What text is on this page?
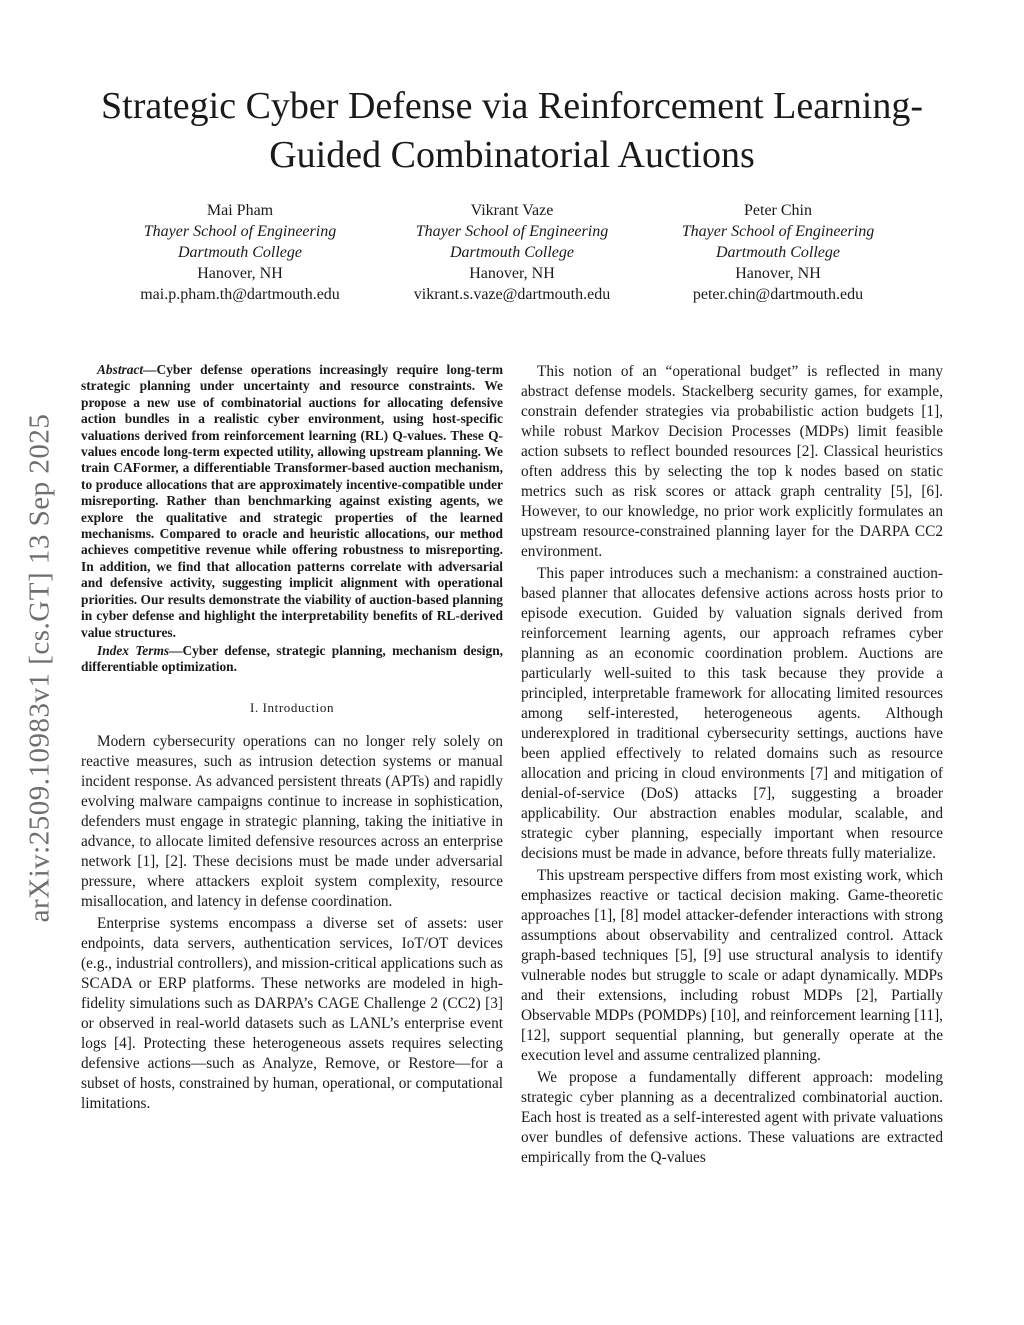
arXiv:2509.10983v1 [cs.GT] 13 Sep 2025
Strategic Cyber Defense via Reinforcement Learning-Guided Combinatorial Auctions
Mai Pham
Thayer School of Engineering
Dartmouth College
Hanover, NH
mai.p.pham.th@dartmouth.edu
Vikrant Vaze
Thayer School of Engineering
Dartmouth College
Hanover, NH
vikrant.s.vaze@dartmouth.edu
Peter Chin
Thayer School of Engineering
Dartmouth College
Hanover, NH
peter.chin@dartmouth.edu

Abstract—Cyber defense operations increasingly require long-term strategic planning under uncertainty and resource constraints. We propose a new use of combinatorial auctions for allocating defensive action bundles in a realistic cyber environment, using host-specific valuations derived from reinforcement learning (RL) Q-values. These Q-values encode long-term expected utility, allowing upstream planning. We train CAFormer, a differentiable Transformer-based auction mechanism, to produce allocations that are approximately incentive-compatible under misreporting. Rather than benchmarking against existing agents, we explore the qualitative and strategic properties of the learned mechanisms. Compared to oracle and heuristic allocations, our method achieves competitive revenue while offering robustness to misreporting. In addition, we find that allocation patterns correlate with adversarial and defensive activity, suggesting implicit alignment with operational priorities. Our results demonstrate the viability of auction-based planning in cyber defense and highlight the interpretability benefits of RL-derived value structures.

Index Terms—Cyber defense, strategic planning, mechanism design, differentiable optimization.

I. Introduction

Modern cybersecurity operations can no longer rely solely on reactive measures, such as intrusion detection systems or manual incident response. As advanced persistent threats (APTs) and rapidly evolving malware campaigns continue to increase in sophistication, defenders must engage in strategic planning, taking the initiative in advance, to allocate limited defensive resources across an enterprise network [1], [2]. These decisions must be made under adversarial pressure, where attackers exploit system complexity, resource misallocation, and latency in defense coordination.

Enterprise systems encompass a diverse set of assets: user endpoints, data servers, authentication services, IoT/OT devices (e.g., industrial controllers), and mission-critical applications such as SCADA or ERP platforms. These networks are modeled in high-fidelity simulations such as DARPA’s CAGE Challenge 2 (CC2) [3] or observed in real-world datasets such as LANL’s enterprise event logs [4]. Protecting these heterogeneous assets requires selecting defensive actions—such as Analyze, Remove, or Restore—for a subset of hosts, constrained by human, operational, or computational limitations.

This notion of an “operational budget” is reflected in many abstract defense models. Stackelberg security games, for example, constrain defender strategies via probabilistic action budgets [1], while robust Markov Decision Processes (MDPs) limit feasible action subsets to reflect bounded resources [2]. Classical heuristics often address this by selecting the top k nodes based on static metrics such as risk scores or attack graph centrality [5], [6]. However, to our knowledge, no prior work explicitly formulates an upstream resource-constrained planning layer for the DARPA CC2 environment.

This paper introduces such a mechanism: a constrained auction-based planner that allocates defensive actions across hosts prior to episode execution. Guided by valuation signals derived from reinforcement learning agents, our approach reframes cyber planning as an economic coordination problem. Auctions are particularly well-suited to this task because they provide a principled, interpretable framework for allocating limited resources among self-interested, heterogeneous agents. Although underexplored in traditional cybersecurity settings, auctions have been applied effectively to related domains such as resource allocation and pricing in cloud environments [7] and mitigation of denial-of-service (DoS) attacks [7], suggesting a broader applicability. Our abstraction enables modular, scalable, and strategic cyber planning, especially important when resource decisions must be made in advance, before threats fully materialize.

This upstream perspective differs from most existing work, which emphasizes reactive or tactical decision making. Game-theoretic approaches [1], [8] model attacker-defender interactions with strong assumptions about observability and centralized control. Attack graph-based techniques [5], [9] use structural analysis to identify vulnerable nodes but struggle to scale or adapt dynamically. MDPs and their extensions, including robust MDPs [2], Partially Observable MDPs (POMDPs) [10], and reinforcement learning [11], [12], support sequential planning, but generally operate at the execution level and assume centralized planning.

We propose a fundamentally different approach: modeling strategic cyber planning as a decentralized combinatorial auction. Each host is treated as a self-interested agent with private valuations over bundles of defensive actions. These valuations are extracted empirically from the Q-values
